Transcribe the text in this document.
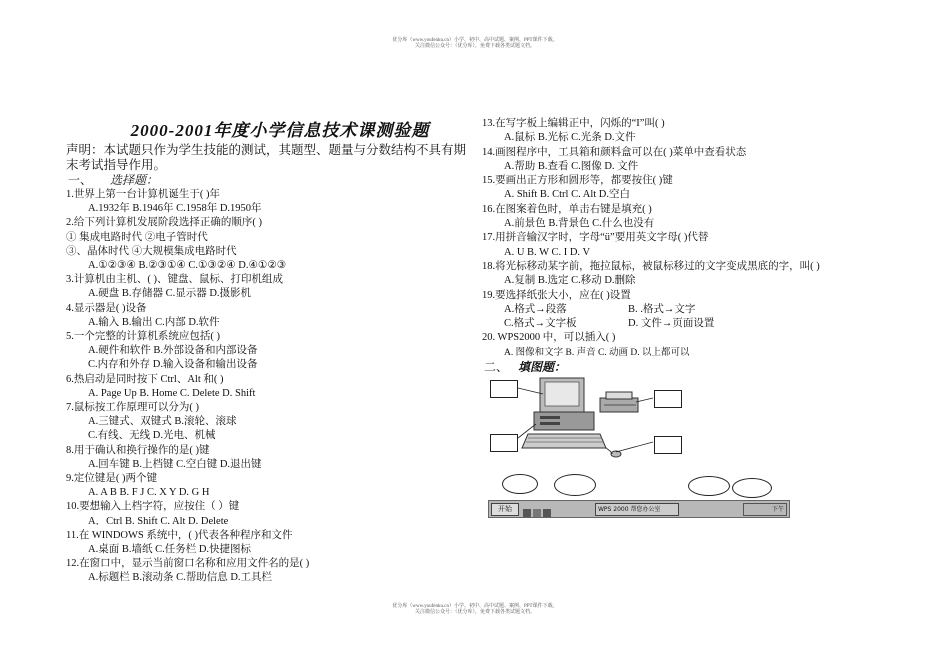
优分库（www.youfenku.cn）小学、初中、高中试题、案例、PPT课件下载。
关注微信公众号：（优分库），免费下载各类试题文档。
2000-2001年度小学信息技术课测验题
声明：本试题只作为学生技能的测试，其题型、题量与分数结构不具有期末考试指导作用。
一、 选择题：
1.世界上第一台计算机诞生于( )年
A.1932年 B.1946年 C.1958年 D.1950年
2.给下列计算机发展阶段选择正确的顺序( )
① 集成电路时代 ②电子管时代
③、晶体时代 ④大规模集成电路时代
A.①②③④ B.②③①④ C.①③②④ D.④①②③
3.计算机由主机、( )、键盘、鼠标、打印机组成
A.硬盘 B.存储器 C.显示器 D.摄影机
4.显示器是( )设备
A.输入 B.输出 C.内部 D.软件
5.一个完整的计算机系统应包括( )
A.硬件和软件 B.外部设备和内部设备
C.内存和外存 D.输入设备和输出设备
6.热启动是同时按下 Ctrl、Alt 和( )
A. Page Up B. Home C. Delete D. Shift
7.鼠标按工作原理可以分为( )
A.三键式、双键式 B.滚轮、滚球
C.有线、无线 D.光电、机械
8.用于确认和换行操作的是( )键
A.回车键 B.上档键 C.空白键 D.退出键
9.定位键是( )两个键
A. A B B. F J C. X Y D. G H
10.要想输入上档字符，应按住（ ）键
A．Ctrl B. Shift C. Alt D. Delete
11.在 WINDOWS 系统中，( )代表各种程序和文件
A.桌面 B.墙纸 C.任务栏 D.快捷图标
12.在窗口中，显示当前窗口名称和应用文件名的是( )
A.标题栏 B.滚动条 C.帮助信息 D.工具栏
13.在写字板上编辑正中，闪烁的“I”叫( )
A.鼠标 B.光标 C.光条 D.文件
14.画图程序中，工具箱和颜料盒可以在( )菜单中查看状态
A.帮助 B.查看 C.图像 D. 文件
15.要画出正方形和圆形等，都要按住( )键
A. Shift B. Ctrl C. Alt D.空白
16.在图案着色时，单击右键是填充( )
A.前景色 B.背景色 C.什么也没有
17.用拼音输汉字时，字母“ü”要用英文字母( )代替
A. U B. W C. I D. V
18.将光标移动某字前，拖拉鼠标，被鼠标移过的文字变成黑底的字，叫( )
A.复制 B.选定 C.移动 D.删除
19.要选择纸张大小，应在( )设置
A.格式→段落	B. .格式→文字
C.格式→文字板	D. 文件→页面设置
20. WPS2000 中，可以插入( )
A. 图像和文字 B. 声音 C. 动画 D. 以上都可以
二、 填图题：
开始	WPS 2000 帮您办公室	下午
优分库（www.youfenku.cn）小学、初中、高中试题、案例、PPT课件下载。
关注微信公众号：（优分库），免费下载各类试题文档。
